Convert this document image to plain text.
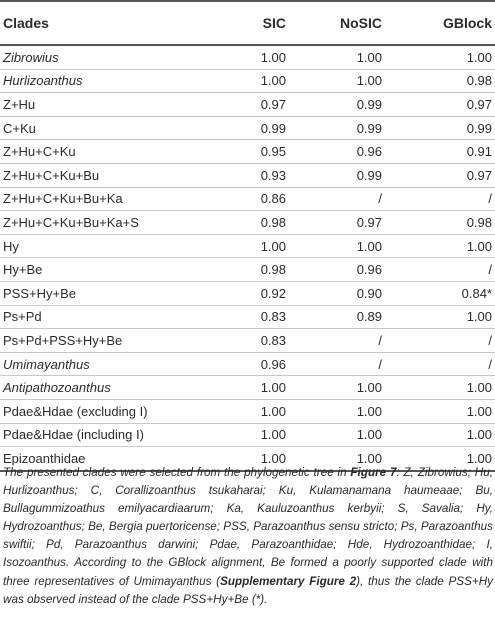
Clades	SIC	NoSIC	GBlock
Zibrowius	1.00	1.00	1.00
Hurlizoanthus	1.00	1.00	0.98
Z+Hu	0.97	0.99	0.97
C+Ku	0.99	0.99	0.99
Z+Hu+C+Ku	0.95	0.96	0.91
Z+Hu+C+Ku+Bu	0.93	0.99	0.97
Z+Hu+C+Ku+Bu+Ka	0.86	/	/
Z+Hu+C+Ku+Bu+Ka+S	0.98	0.97	0.98
Hy	1.00	1.00	1.00
Hy+Be	0.98	0.96	/
PSS+Hy+Be	0.92	0.90	0.84*
Ps+Pd	0.83	0.89	1.00
Ps+Pd+PSS+Hy+Be	0.83	/	/
Umimayanthus	0.96	/	/
Antipathozoanthus	1.00	1.00	1.00
Pdae&Hdae (excluding I)	1.00	1.00	1.00
Pdae&Hdae (including I)	1.00	1.00	1.00
Epizoanthidae	1.00	1.00	1.00
The presented clades were selected from the phylogenetic tree in Figure 7: Z, Zibrowius; Hu, Hurlizoanthus; C, Corallizoanthus tsukaharai; Ku, Kulamanamana haumeaae; Bu, Bullagummizoathus emilyacardiaarum; Ka, Kauluzoanthus kerbyii; S, Savalia; Hy, Hydrozoanthus; Be, Bergia puertoricense; PSS, Parazoanthus sensu stricto; Ps, Parazoanthus swiftii; Pd, Parazoanthus darwini; Pdae, Parazoanthidae; Hde, Hydrozoanthidae; I, Isozoanthus. According to the GBlock alignment, Be formed a poorly supported clade with three representatives of Umimayanthus (Supplementary Figure 2), thus the clade PSS+Hy was observed instead of the clade PSS+Hy+Be (*).
